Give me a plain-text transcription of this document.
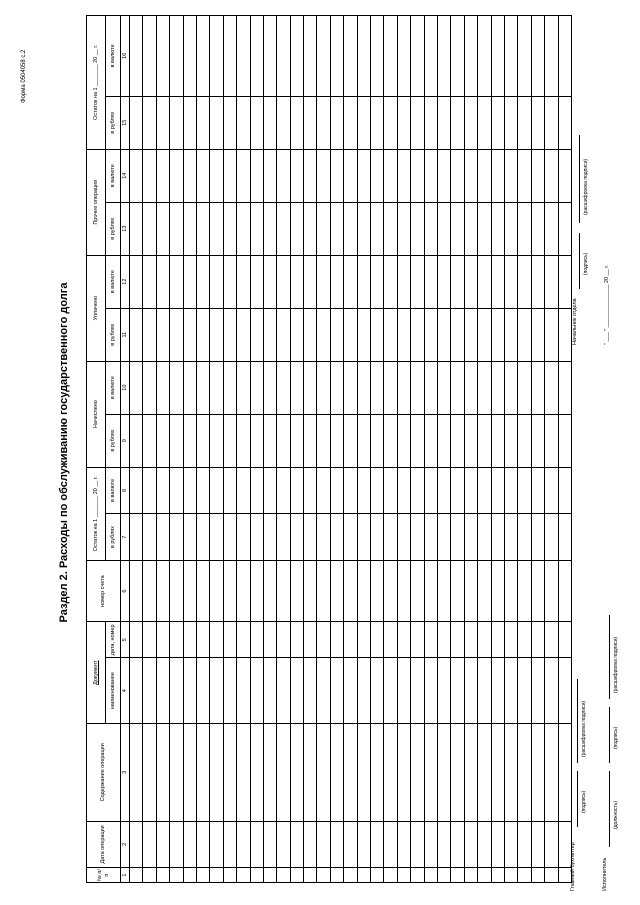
Форма 0504058 с.2
Раздел 2. Расходы по обслуживанию государственного долга
№ п/п	Дата операции	Содержание операции	Документ		номер счета	Остаток на 1 _______ 20 __ г.		Начислено		Уплачено		Прочие операции		Остаток на 1 _______ 20 __ г.	
			наименование	дата, номер											
						в рублях	в валюте	в рублях	в валюте	в рублях	в валюте	в рублях	в валюте	в рублях	в валюте
1	2	3	4	5	6	7	8	9	10	11	12	13	14	15	16

Главный бухгалтер
(подпись)
(расшифровка подписи)
Исполнитель
(должность)
(подпись)
(расшифровка подписи)
Начальник отдела
(подпись)
(расшифровка подписи)
" ___ " ______________ 20 __ г.
